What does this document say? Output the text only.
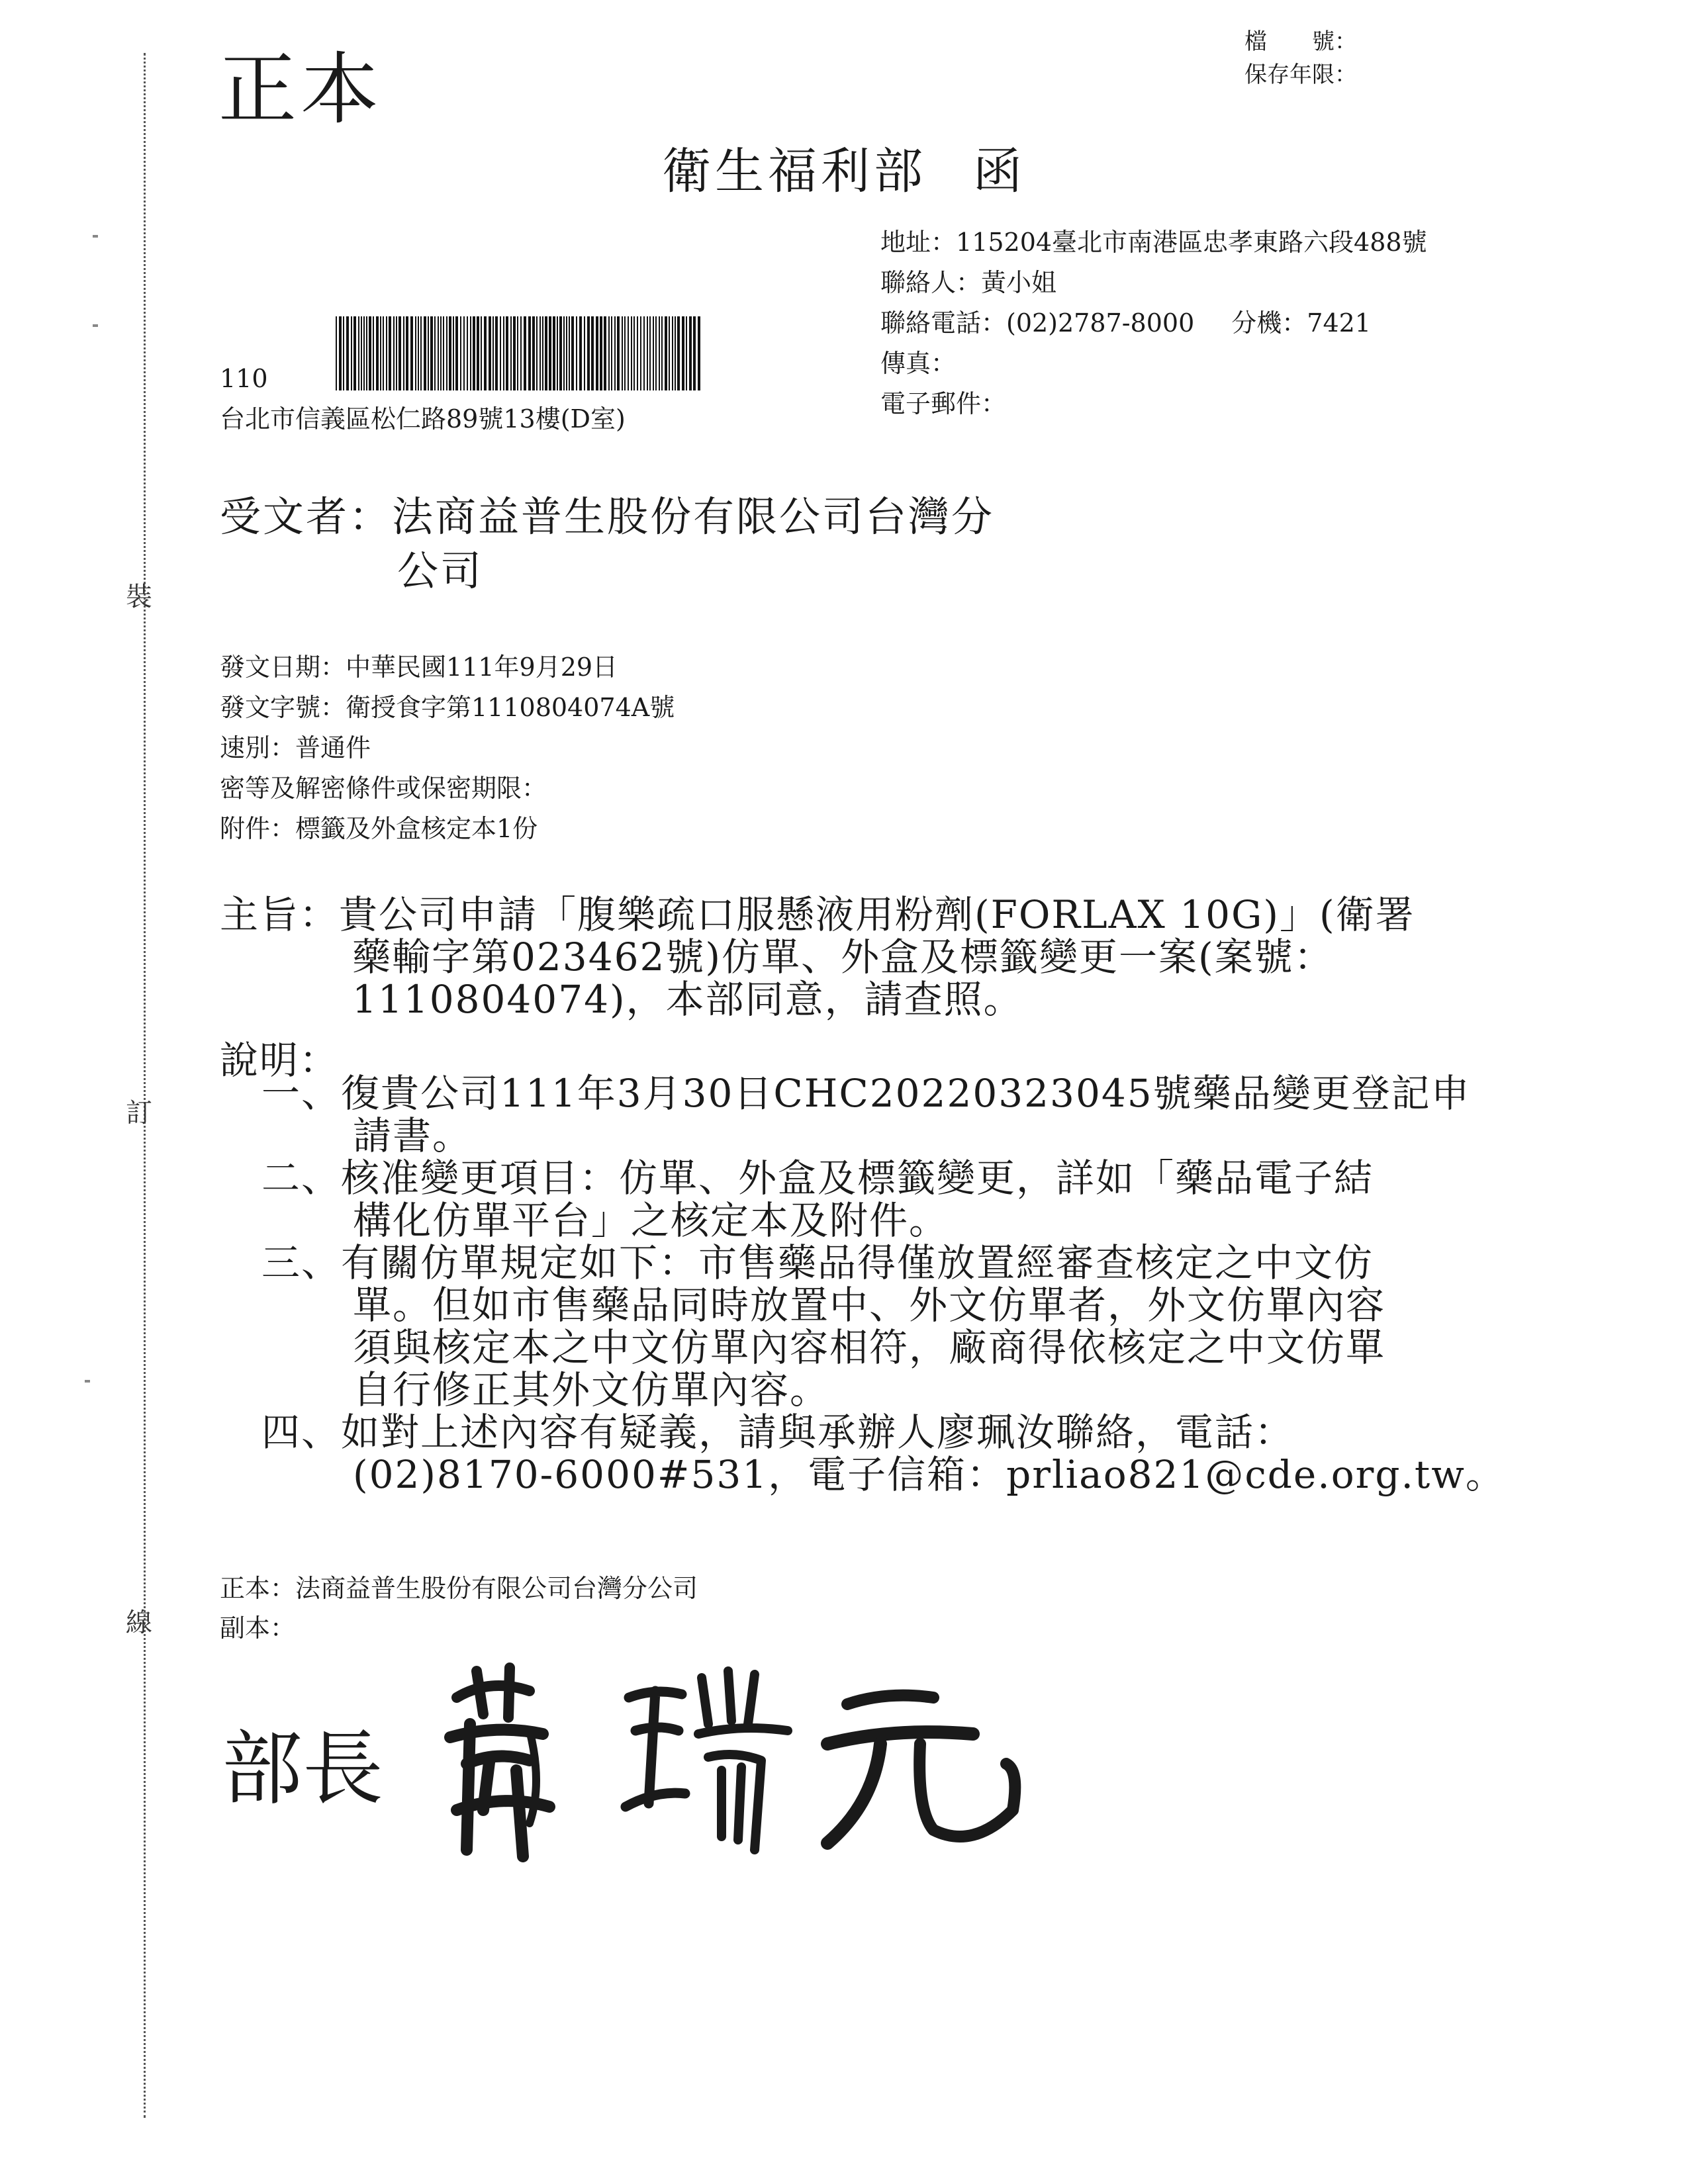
裝
訂
線
正本
檔　　號：
保存年限：
衛生福利部 函
地址：115204臺北市南港區忠孝東路六段488號
聯絡人：黃小姐
聯絡電話：(02)2787-8000 分機：7421
傳真：
電子郵件：
110
台北市信義區松仁路89號13樓(D室)
受文者：法商益普生股份有限公司台灣分
公司
發文日期：中華民國111年9月29日
發文字號：衛授食字第1110804074A號
速別：普通件
密等及解密條件或保密期限：
附件：標籤及外盒核定本1份
主旨：貴公司申請「腹樂疏口服懸液用粉劑(FORLAX 10G)」(衛署
藥輸字第023462號)仿單、外盒及標籤變更一案(案號：
1110804074)，本部同意，請查照。
說明：
一、復貴公司111年3月30日CHC20220323045號藥品變更登記申
請書。
二、核准變更項目：仿單、外盒及標籤變更，詳如「藥品電子結
構化仿單平台」之核定本及附件。
三、有關仿單規定如下：市售藥品得僅放置經審查核定之中文仿
單。但如市售藥品同時放置中、外文仿單者，外文仿單內容
須與核定本之中文仿單內容相符，廠商得依核定之中文仿單
自行修正其外文仿單內容。
四、如對上述內容有疑義，請與承辦人廖珮汝聯絡，電話：
(02)8170-6000#531，電子信箱：prliao821@cde.org.tw。
正本：法商益普生股份有限公司台灣分公司
副本：
部長
